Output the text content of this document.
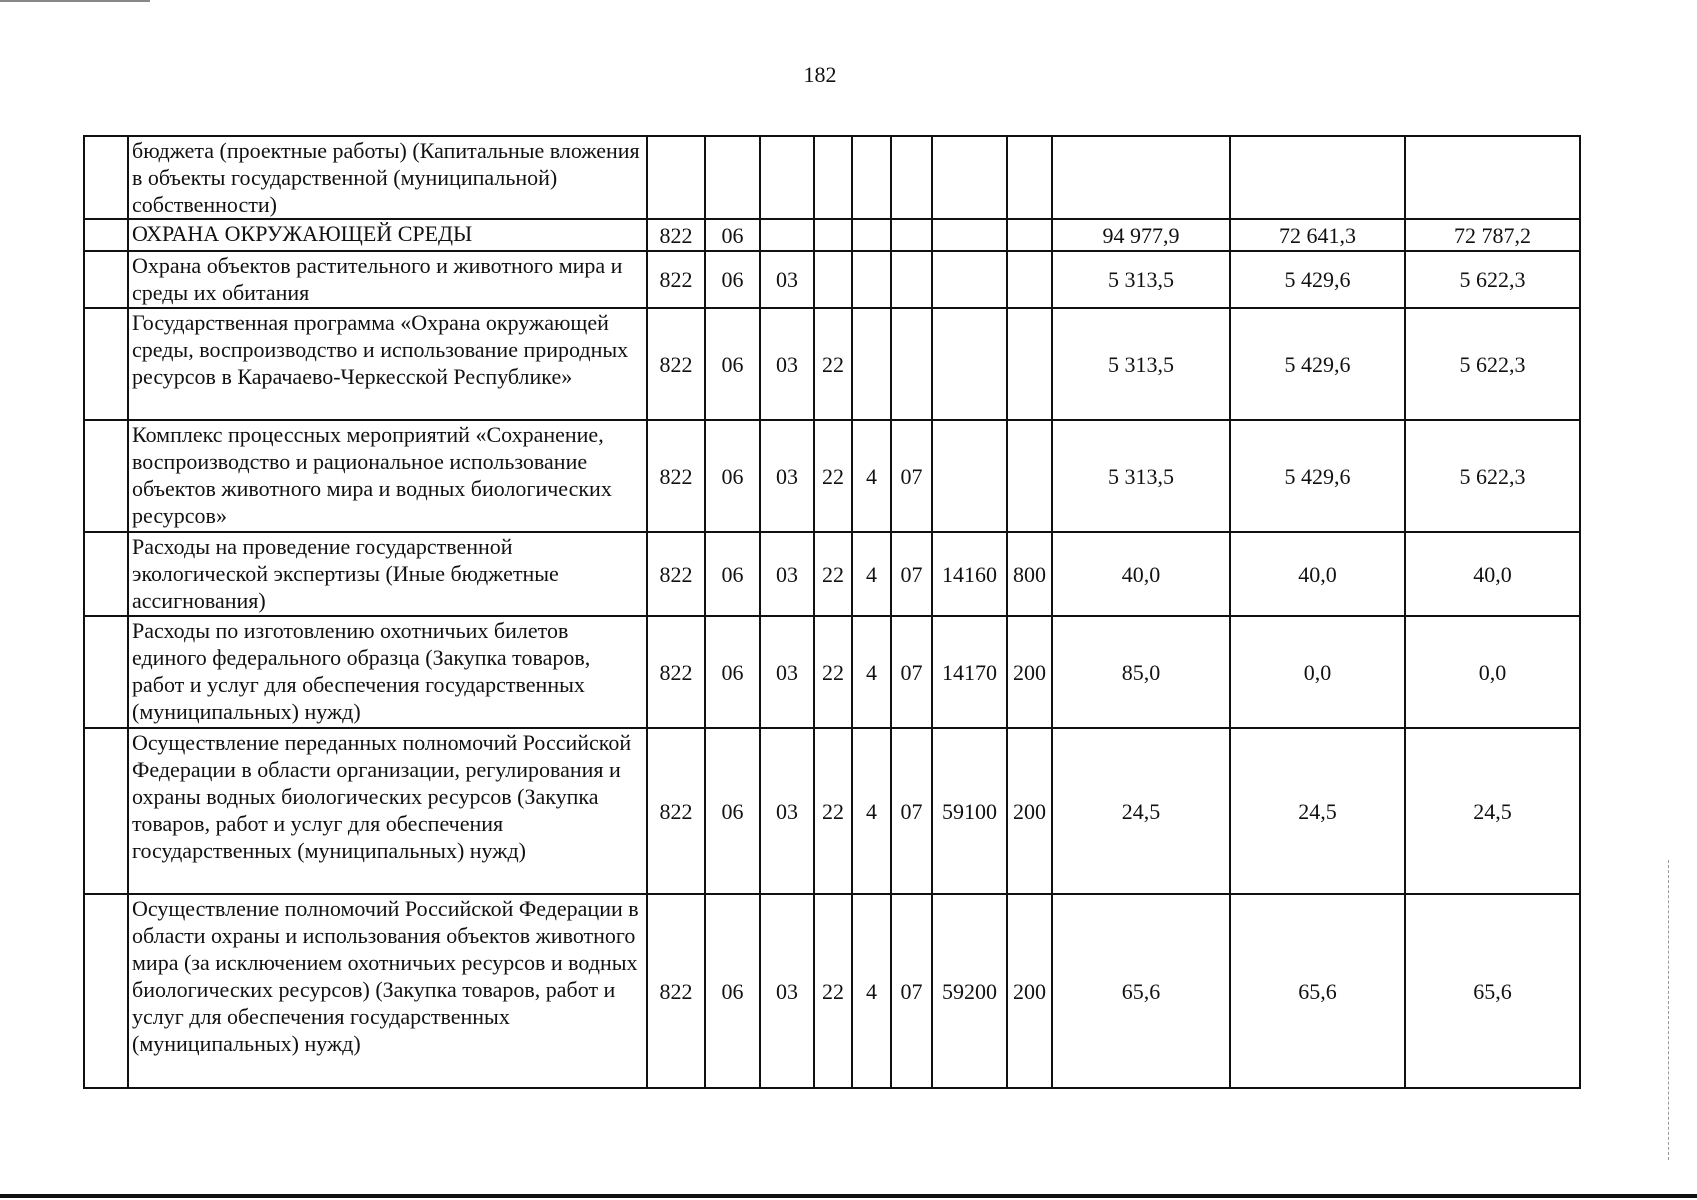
182
	бюджета (проектные работы) (Капитальные вложения в объекты государственной (муниципальной) собственности)											
	ОХРАНА ОКРУЖАЮЩЕЙ СРЕДЫ	822	06							94 977,9	72 641,3	72 787,2
	Охрана объектов растительного и животного мира и среды их обитания	822	06	03						5 313,5	5 429,6	5 622,3
	Государственная программа «Охрана окружающей среды, воспроизводство и использование природных ресурсов в Карачаево-Черкесской Республике»	822	06	03	22					5 313,5	5 429,6	5 622,3
	Комплекс процессных мероприятий «Сохранение, воспроизводство и рациональное использование объектов животного мира и водных биологических ресурсов»	822	06	03	22	4	07			5 313,5	5 429,6	5 622,3
	Расходы на проведение государственной экологической экспертизы (Иные бюджетные ассигнования)	822	06	03	22	4	07	14160	800	40,0	40,0	40,0
	Расходы по изготовлению охотничьих билетов единого федерального образца (Закупка товаров, работ и услуг для обеспечения государственных (муниципальных) нужд)	822	06	03	22	4	07	14170	200	85,0	0,0	0,0
	Осуществление переданных полномочий Российской Федерации в области организации, регулирования и охраны водных биологических ресурсов (Закупка товаров, работ и услуг для обеспечения государственных (муниципальных) нужд)	822	06	03	22	4	07	59100	200	24,5	24,5	24,5
	Осуществление полномочий Российской Федерации в области охраны и использования объектов животного мира (за исключением охотничьих ресурсов и водных биологических ресурсов) (Закупка товаров, работ и услуг для обеспечения государственных (муниципальных) нужд)	822	06	03	22	4	07	59200	200	65,6	65,6	65,6
